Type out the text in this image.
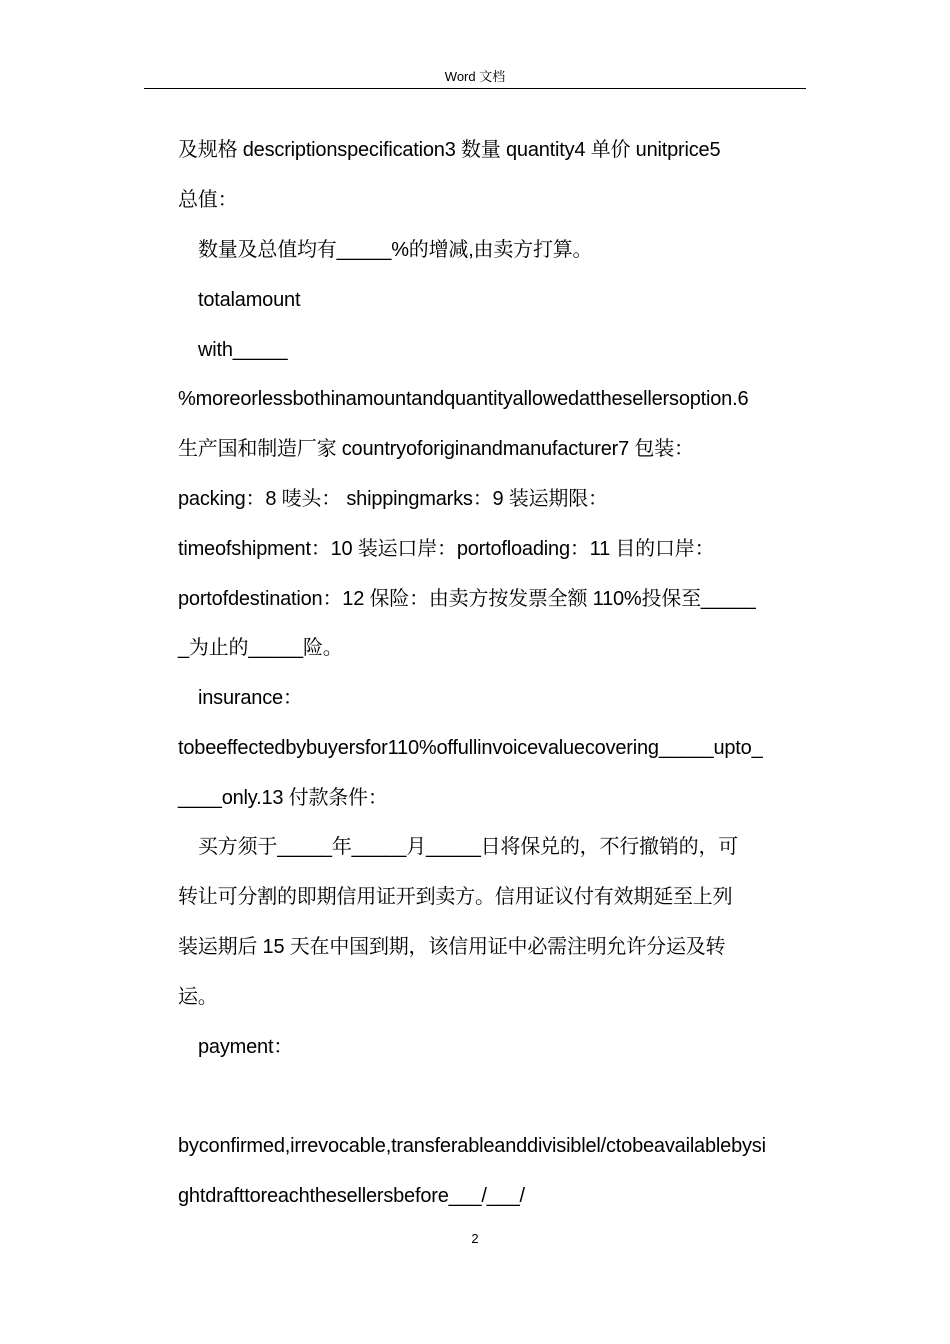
Word 文档
及规格 descriptionspecification3 数量 quantity4 单价 unitprice5
总值：
数量及总值均有_____%的增减,由卖方打算。
totalamount
with_____
%moreorlessbothinamountandquantityallowedatthesellersoption.6
生产国和制造厂家 countryoforiginandmanufacturer7 包装：
packing：8 唛头： shippingmarks：9 装运期限：
timeofshipment：10 装运口岸：portofloading：11 目的口岸：
portofdestination：12 保险：由卖方按发票全额 110%投保至_____
_为止的_____险。
insurance：
tobeeffectedbybuyersfor110%offullinvoicevaluecovering_____upto_
____only.13 付款条件：
买方须于_____年_____月_____日将保兑的，不行撤销的，可
转让可分割的即期信用证开到卖方。信用证议付有效期延至上列
装运期后 15 天在中国到期，该信用证中必需注明允许分运及转
运。
payment：
byconfirmed,irrevocable,transferableanddivisiblel/ctobeavailablebysi
ghtdrafttoreachthesellersbefore___/___/
2
